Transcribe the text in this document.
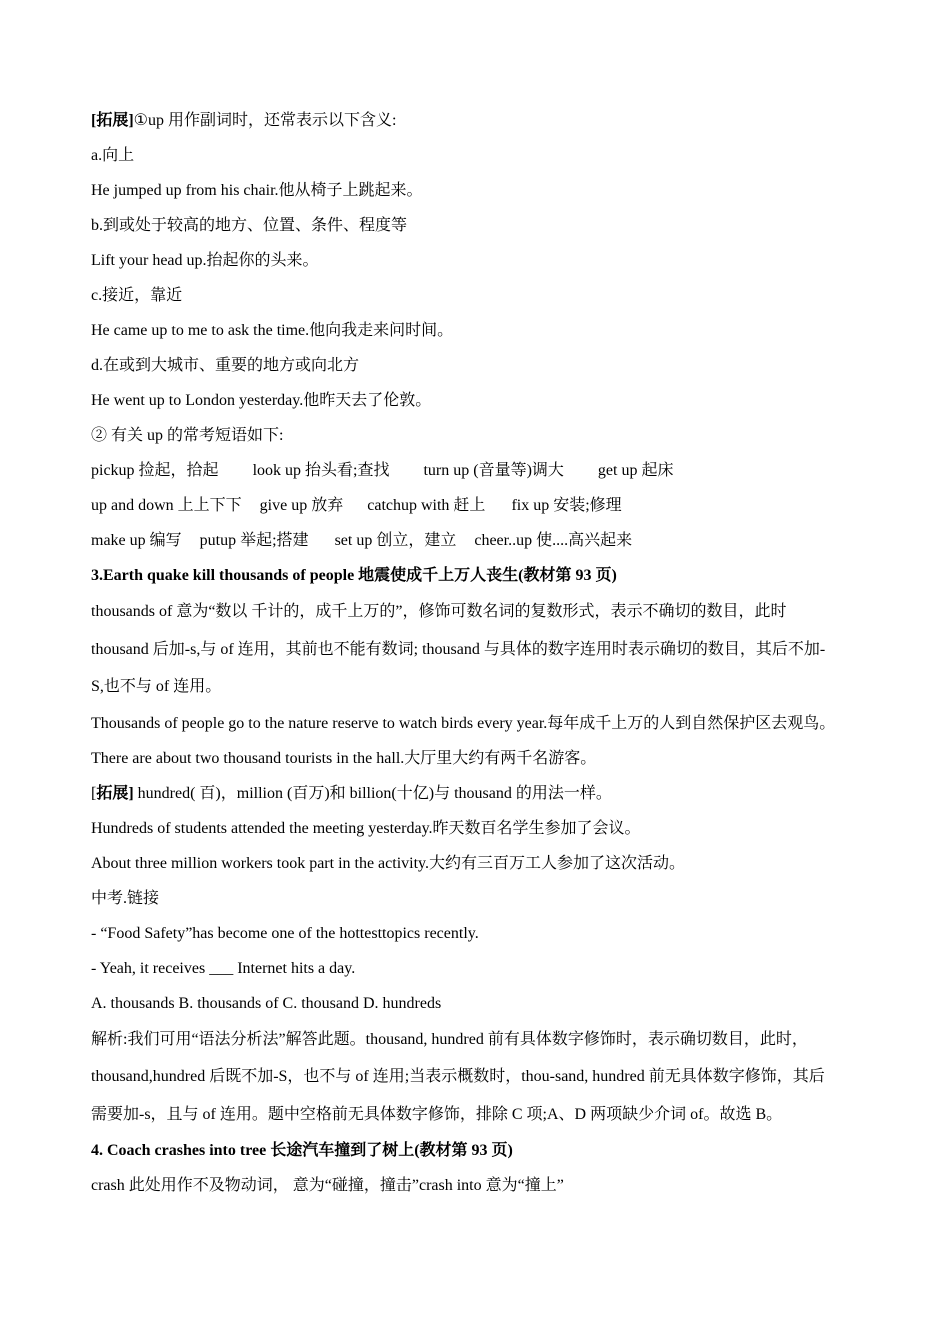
[拓展]①up 用作副词时，还常表示以下含义:
a.向上
He jumped up from his chair.他从椅子上跳起来。
b.到或处于较高的地方、位置、条件、程度等
Lift your head up.抬起你的头来。
c.接近，靠近
He came up to me to ask the time.他向我走来问时间。
d.在或到大城市、重要的地方或向北方
He went up to London yesterday.他昨天去了伦敦。
② 有关 up 的常考短语如下:
pickup 捡起，拾起 look up 抬头看;查找 turn up (音量等)调大 get up 起床
up and down 上上下下 give up 放弃 catchup with 赶上 fix up 安装;修理
make up 编写 putup 举起;搭建 set up 创立，建立 cheer..up 使....高兴起来
3.Earth quake kill thousands of people 地震使成千上万人丧生(教材第 93 页)
thousands of 意为“数以 千计的，成千上万的”，修饰可数名词的复数形式，表示不确切的数目，此时
thousand 后加-s,与 of 连用，其前也不能有数词; thousand 与具体的数字连用时表示确切的数目，其后不加-
S,也不与 of 连用。
Thousands of people go to the nature reserve to watch birds every year.每年成千上万的人到自然保护区去观鸟。
There are about two thousand tourists in the hall.大厅里大约有两千名游客。
[拓展] hundred( 百)，million (百万)和 billion(十亿)与 thousand 的用法一样。
Hundreds of students attended the meeting yesterday.昨天数百名学生参加了会议。
About three million workers took part in the activity.大约有三百万工人参加了这次活动。
中考.链接
- “Food Safety”has become one of the hottesttopics recently.
- Yeah, it receives ___ Internet hits a day.
A. thousands B. thousands of C. thousand D. hundreds
解析:我们可用“语法分析法”解答此题。thousand, hundred 前有具体数字修饰时，表示确切数目，此时，
thousand,hundred 后既不加-S，也不与 of 连用;当表示概数时，thou-sand, hundred 前无具体数字修饰，其后
需要加-s，且与 of 连用。题中空格前无具体数字修饰，排除 C 项;A、D 两项缺少介词 of。故选 B。
4. Coach crashes into tree 长途汽车撞到了树上(教材第 93 页)
crash 此处用作不及物动词， 意为“碰撞，撞击”crash into 意为“撞上”
